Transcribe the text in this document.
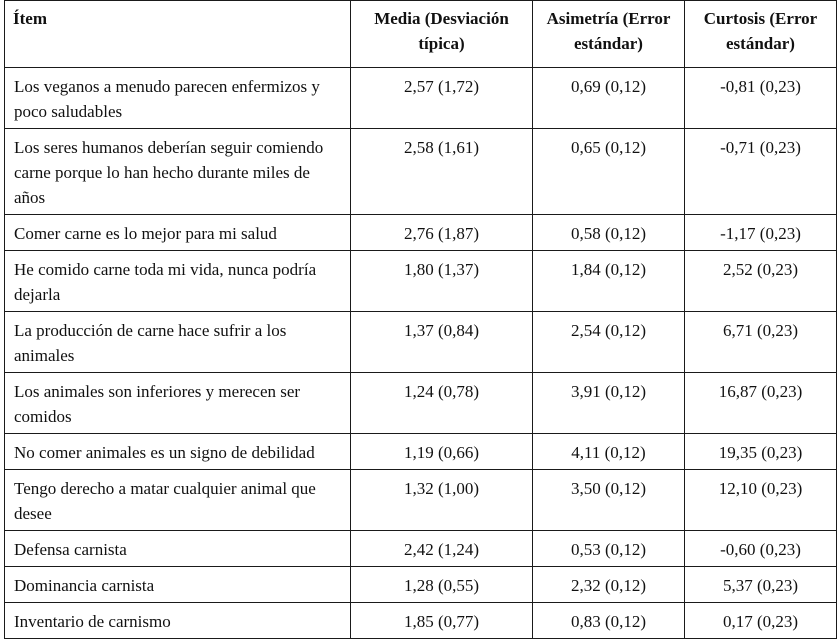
Ítem	Media (Desviación típica)	Asimetría (Error estándar)	Curtosis (Error estándar)
Los veganos a menudo parecen enfermizos y poco saludables	2,57 (1,72)	0,69 (0,12)	-0,81 (0,23)
Los seres humanos deberían seguir comiendo carne porque lo han hecho durante miles de años	2,58 (1,61)	0,65 (0,12)	-0,71 (0,23)
Comer carne es lo mejor para mi salud	2,76 (1,87)	0,58 (0,12)	-1,17 (0,23)
He comido carne toda mi vida, nunca podría dejarla	1,80 (1,37)	1,84 (0,12)	2,52 (0,23)
La producción de carne hace sufrir a los animales	1,37 (0,84)	2,54 (0,12)	6,71 (0,23)
Los animales son inferiores y merecen ser comidos	1,24 (0,78)	3,91 (0,12)	16,87 (0,23)
No comer animales es un signo de debilidad	1,19 (0,66)	4,11 (0,12)	19,35 (0,23)
Tengo derecho a matar cualquier animal que desee	1,32 (1,00)	3,50 (0,12)	12,10 (0,23)
Defensa carnista	2,42 (1,24)	0,53 (0,12)	-0,60 (0,23)
Dominancia carnista	1,28 (0,55)	2,32 (0,12)	5,37 (0,23)
Inventario de carnismo	1,85 (0,77)	0,83 (0,12)	0,17 (0,23)
